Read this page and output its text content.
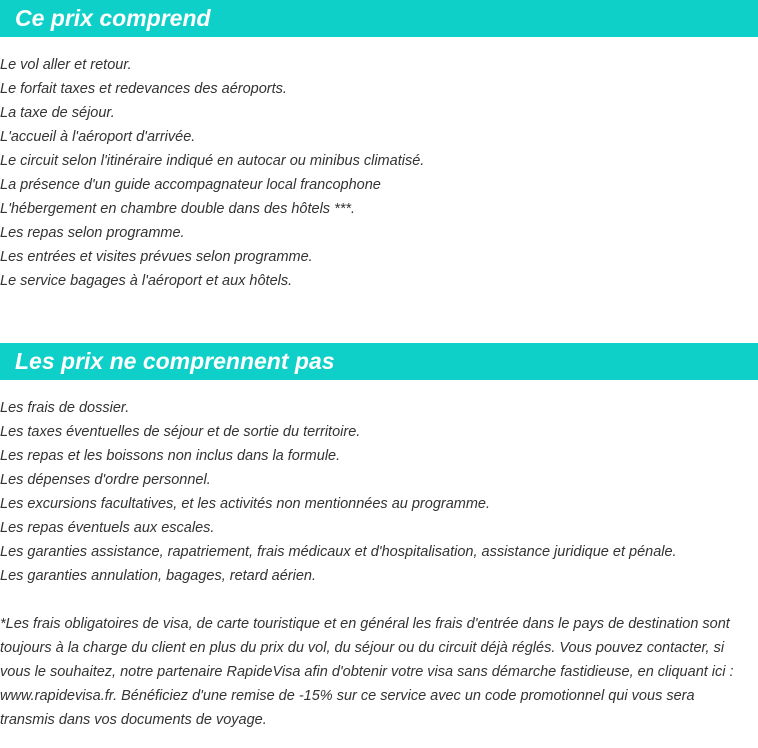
Ce prix comprend
Le vol aller et retour.
Le forfait taxes et redevances des aéroports.
La taxe de séjour.
L'accueil à l'aéroport d'arrivée.
Le circuit selon l'itinéraire indiqué en autocar ou minibus climatisé.
La présence d'un guide accompagnateur local francophone
L'hébergement en chambre double dans des hôtels ***.
Les repas selon programme.
Les entrées et visites prévues selon programme.
Le service bagages à l'aéroport et aux hôtels.
Les prix ne comprennent pas
Les frais de dossier.
Les taxes éventuelles de séjour et de sortie du territoire.
Les repas et les boissons non inclus dans la formule.
Les dépenses d'ordre personnel.
Les excursions facultatives, et les activités non mentionnées au programme.
Les repas éventuels aux escales.
Les garanties assistance, rapatriement, frais médicaux et d'hospitalisation, assistance juridique et pénale.
Les garanties annulation, bagages, retard aérien.

*Les frais obligatoires de visa, de carte touristique et en général les frais d'entrée dans le pays de destination sont toujours à la charge du client en plus du prix du vol, du séjour ou du circuit déjà réglés. Vous pouvez contacter, si vous le souhaitez, notre partenaire RapideVisa afin d'obtenir votre visa sans démarche fastidieuse, en cliquant ici : www.rapidevisa.fr. Bénéficiez d'une remise de -15% sur ce service avec un code promotionnel qui vous sera transmis dans vos documents de voyage.
